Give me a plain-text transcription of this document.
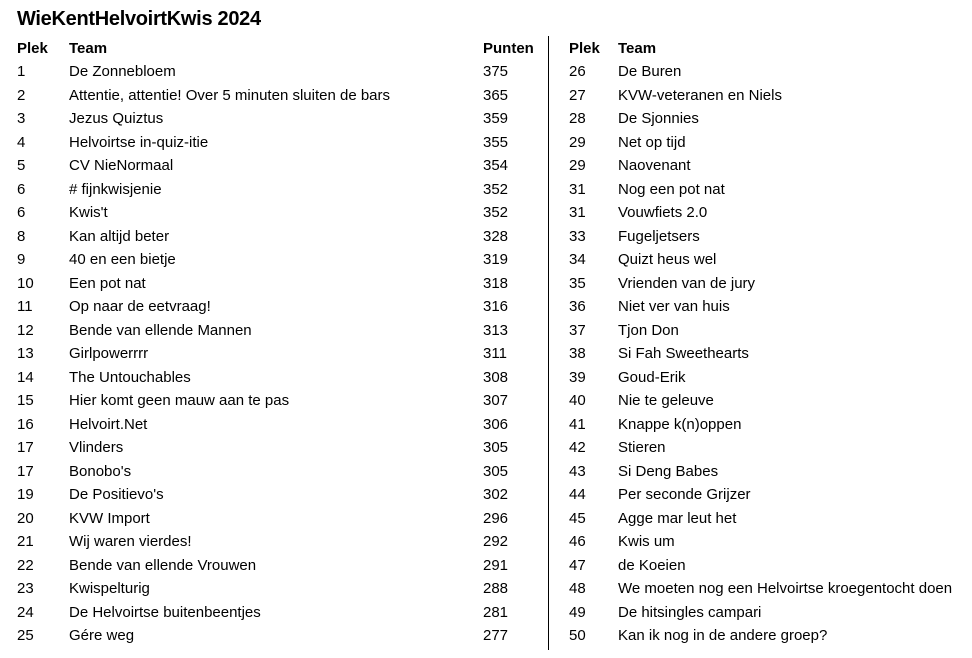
WieKentHelvoirtKwis 2024
Plek Team	Punten Plek Team
1	De Zonnebloem	375
2	Attentie, attentie! Over 5 minuten sluiten de bars	365
3	Jezus Quiztus	359
4	Helvoirtse in-quiz-itie	355
5	CV NieNormaal	354
6	# fijnkwisjenie	352
6	Kwis't	352
8	Kan altijd beter	328
9	40 en een bietje	319
10 Een pot nat	318
11 Op naar de eetvraag!	316
12 Bende van ellende Mannen	313
13 Girlpowerrrr	311
14 The Untouchables	308
15 Hier komt geen mauw aan te pas	307
16 Helvoirt.Net	306
17 Vlinders	305
17 Bonobo's	305
19 De Positievo's	302
20 KVW Import	296
21 Wij waren vierdes!	292
22 Bende van ellende Vrouwen	291
23 Kwispelturig	288
24 De Helvoirtse buitenbeentjes	281
25 Gére weg	277
26 De Buren
27 KVW-veteranen en Niels
28 De Sjonnies
29 Net op tijd
29 Naovenant
31 Nog een pot nat
31 Vouwfiets 2.0
33 Fugeljetsers
34 Quizt heus wel
35 Vrienden van de jury
36 Niet ver van huis
37 Tjon Don
38 Si Fah Sweethearts
39 Goud-Erik
40 Nie te geleuve
41 Knappe k(n)oppen
42 Stieren
43 Si Deng Babes
44 Per seconde Grijzer
45 Agge mar leut het
46 Kwis um
47 de Koeien
48 We moeten nog een Helvoirtse kroegentocht doen
49 De hitsingles campari
50 Kan ik nog in de andere groep?
